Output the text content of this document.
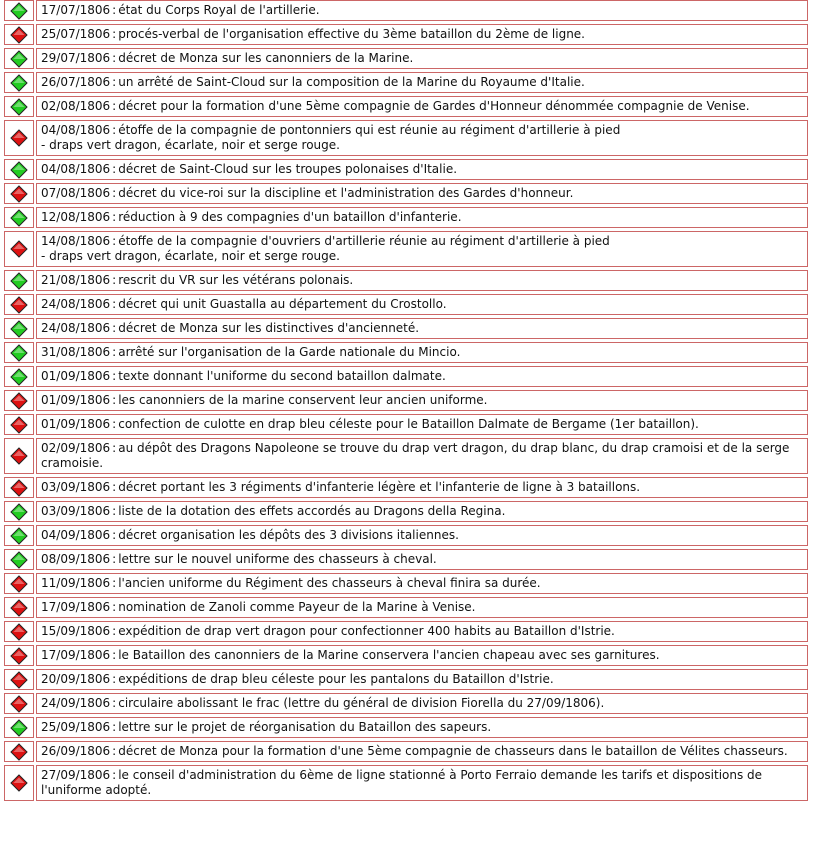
17/07/1806 : état du Corps Royal de l'artillerie.
25/07/1806 : procés-verbal de l'organisation effective du 3ème bataillon du 2ème de ligne.
29/07/1806 : décret de Monza sur les canonniers de la Marine.
26/07/1806 : un arrêté de Saint-Cloud sur la composition de la Marine du Royaume d'Italie.
02/08/1806 : décret pour la formation d'une 5ème compagnie de Gardes d'Honneur dénommée compagnie de Venise.
04/08/1806 : étoffe de la compagnie de pontonniers qui est réunie au régiment d'artillerie à pied
- draps vert dragon, écarlate, noir et serge rouge.
04/08/1806 : décret de Saint-Cloud sur les troupes polonaises d'Italie.
07/08/1806 : décret du vice-roi sur la discipline et l'administration des Gardes d'honneur.
12/08/1806 : réduction à 9 des compagnies d'un bataillon d'infanterie.
14/08/1806 : étoffe de la compagnie d'ouvriers d'artillerie réunie au régiment d'artillerie à pied
- draps vert dragon, écarlate, noir et serge rouge.
21/08/1806 : rescrit du VR sur les vétérans polonais.
24/08/1806 : décret qui unit Guastalla au département du Crostollo.
24/08/1806 : décret de Monza sur les distinctives d'ancienneté.
31/08/1806 : arrêté sur l'organisation de la Garde nationale du Mincio.
01/09/1806 : texte donnant l'uniforme du second bataillon dalmate.
01/09/1806 : les canonniers de la marine conservent leur ancien uniforme.
01/09/1806 : confection de culotte en drap bleu céleste pour le Bataillon Dalmate de Bergame (1er bataillon).
02/09/1806 : au dépôt des Dragons Napoleone se trouve du drap vert dragon, du drap blanc, du drap cramoisi et de la serge cramoisie.
03/09/1806 : décret portant les 3 régiments d'infanterie légère et l'infanterie de ligne à 3 bataillons.
03/09/1806 : liste de la dotation des effets accordés au Dragons della Regina.
04/09/1806 : décret organisation les dépôts des 3 divisions italiennes.
08/09/1806 : lettre sur le nouvel uniforme des chasseurs à cheval.
11/09/1806 : l'ancien uniforme du Régiment des chasseurs à cheval finira sa durée.
17/09/1806 : nomination de Zanoli comme Payeur de la Marine à Venise.
15/09/1806 : expédition de drap vert dragon pour confectionner 400 habits au Bataillon d'Istrie.
17/09/1806 : le Bataillon des canonniers de la Marine conservera l'ancien chapeau avec ses garnitures.
20/09/1806 : expéditions de drap bleu céleste pour les pantalons du Bataillon d'Istrie.
24/09/1806 : circulaire abolissant le frac (lettre du général de division Fiorella du 27/09/1806).
25/09/1806 : lettre sur le projet de réorganisation du Bataillon des sapeurs.
26/09/1806 : décret de Monza pour la formation d'une 5ème compagnie de chasseurs dans le bataillon de Vélites chasseurs.
27/09/1806 : le conseil d'administration du 6ème de ligne stationné à Porto Ferraio demande les tarifs et dispositions de l'uniforme adopté.
